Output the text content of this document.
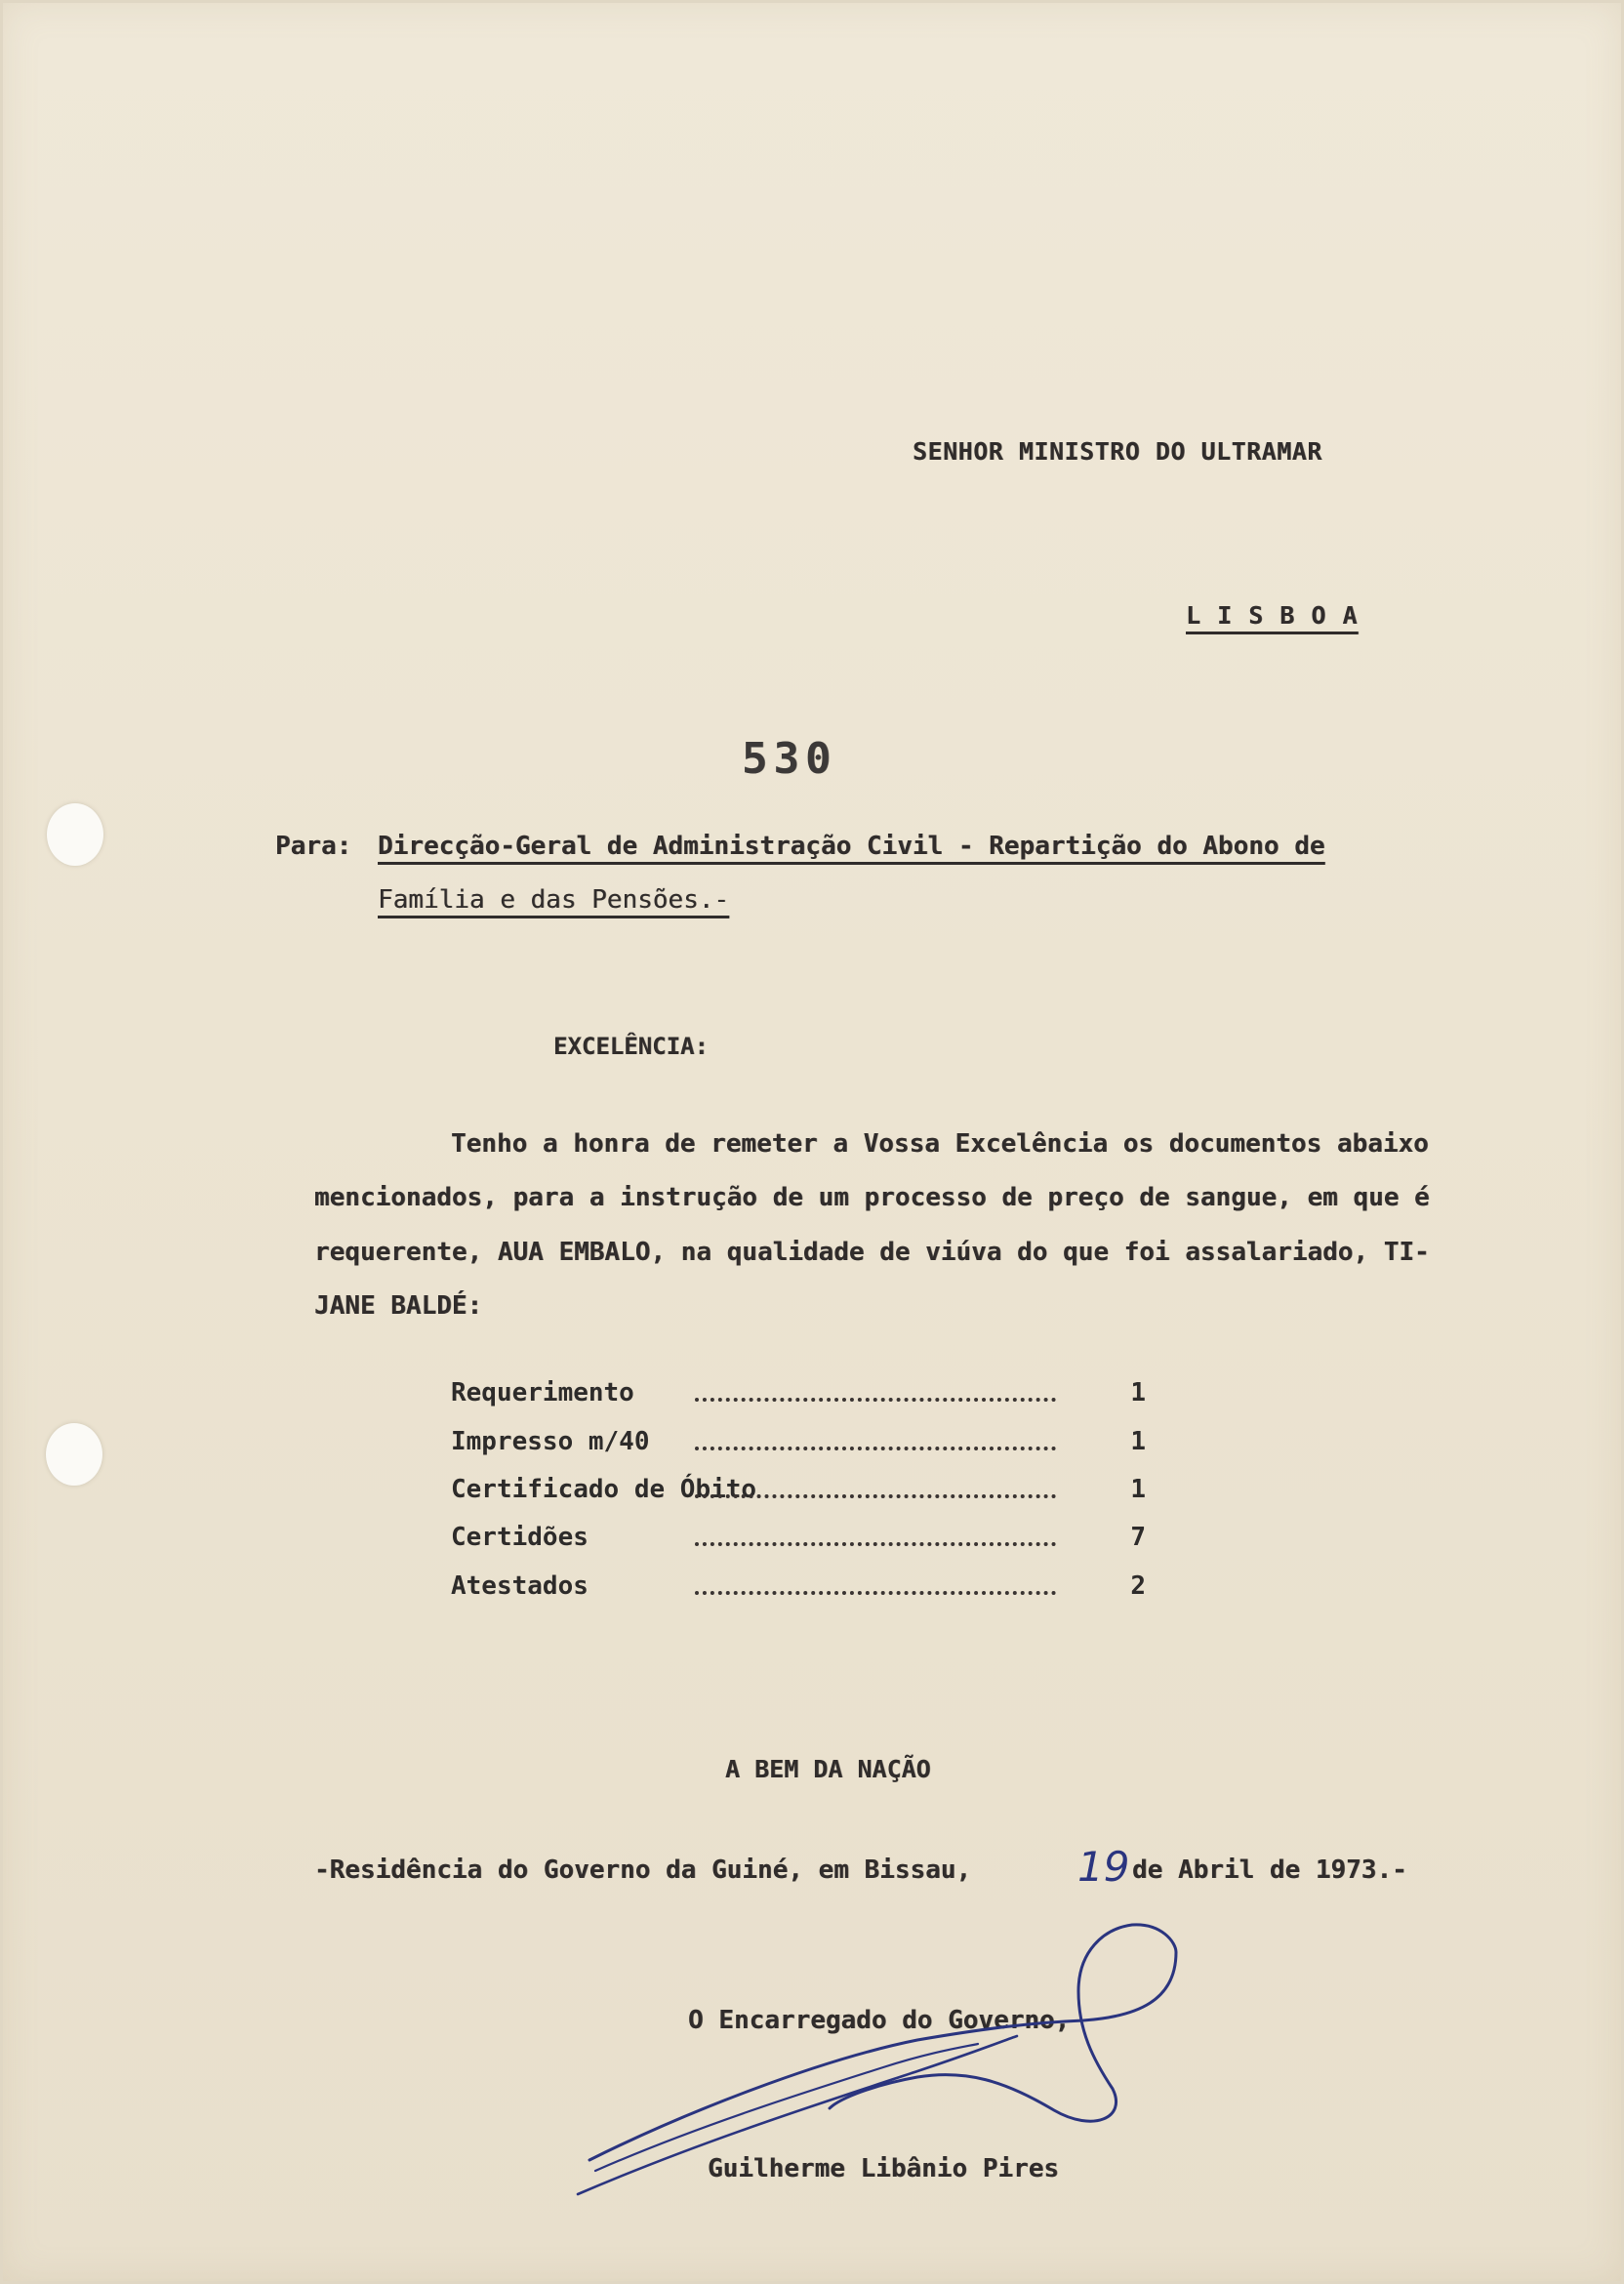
SENHOR MINISTRO DO ULTRAMAR
L I S B O A
530
Para: Direcção-Geral de Administração Civil - Repartição do Abono de
Família e das Pensões.-
EXCELÊNCIA:
Tenho a honra de remeter a Vossa Excelência os documentos abaixo
mencionados, para a instrução de um processo de preço de sangue, em que é
requerente, AUA EMBALO, na qualidade de viúva do que foi assalariado, TI-
JANE BALDÉ:
Requerimento	1
Impresso m/40	1
Certificado de Óbito	1
Certidões	7
Atestados	2
A BEM DA NAÇÃO
-Residência do Governo da Guiné, em Bissau,	19 de Abril de 1973.-
O Encarregado do Governo,
Guilherme Libânio Pires
